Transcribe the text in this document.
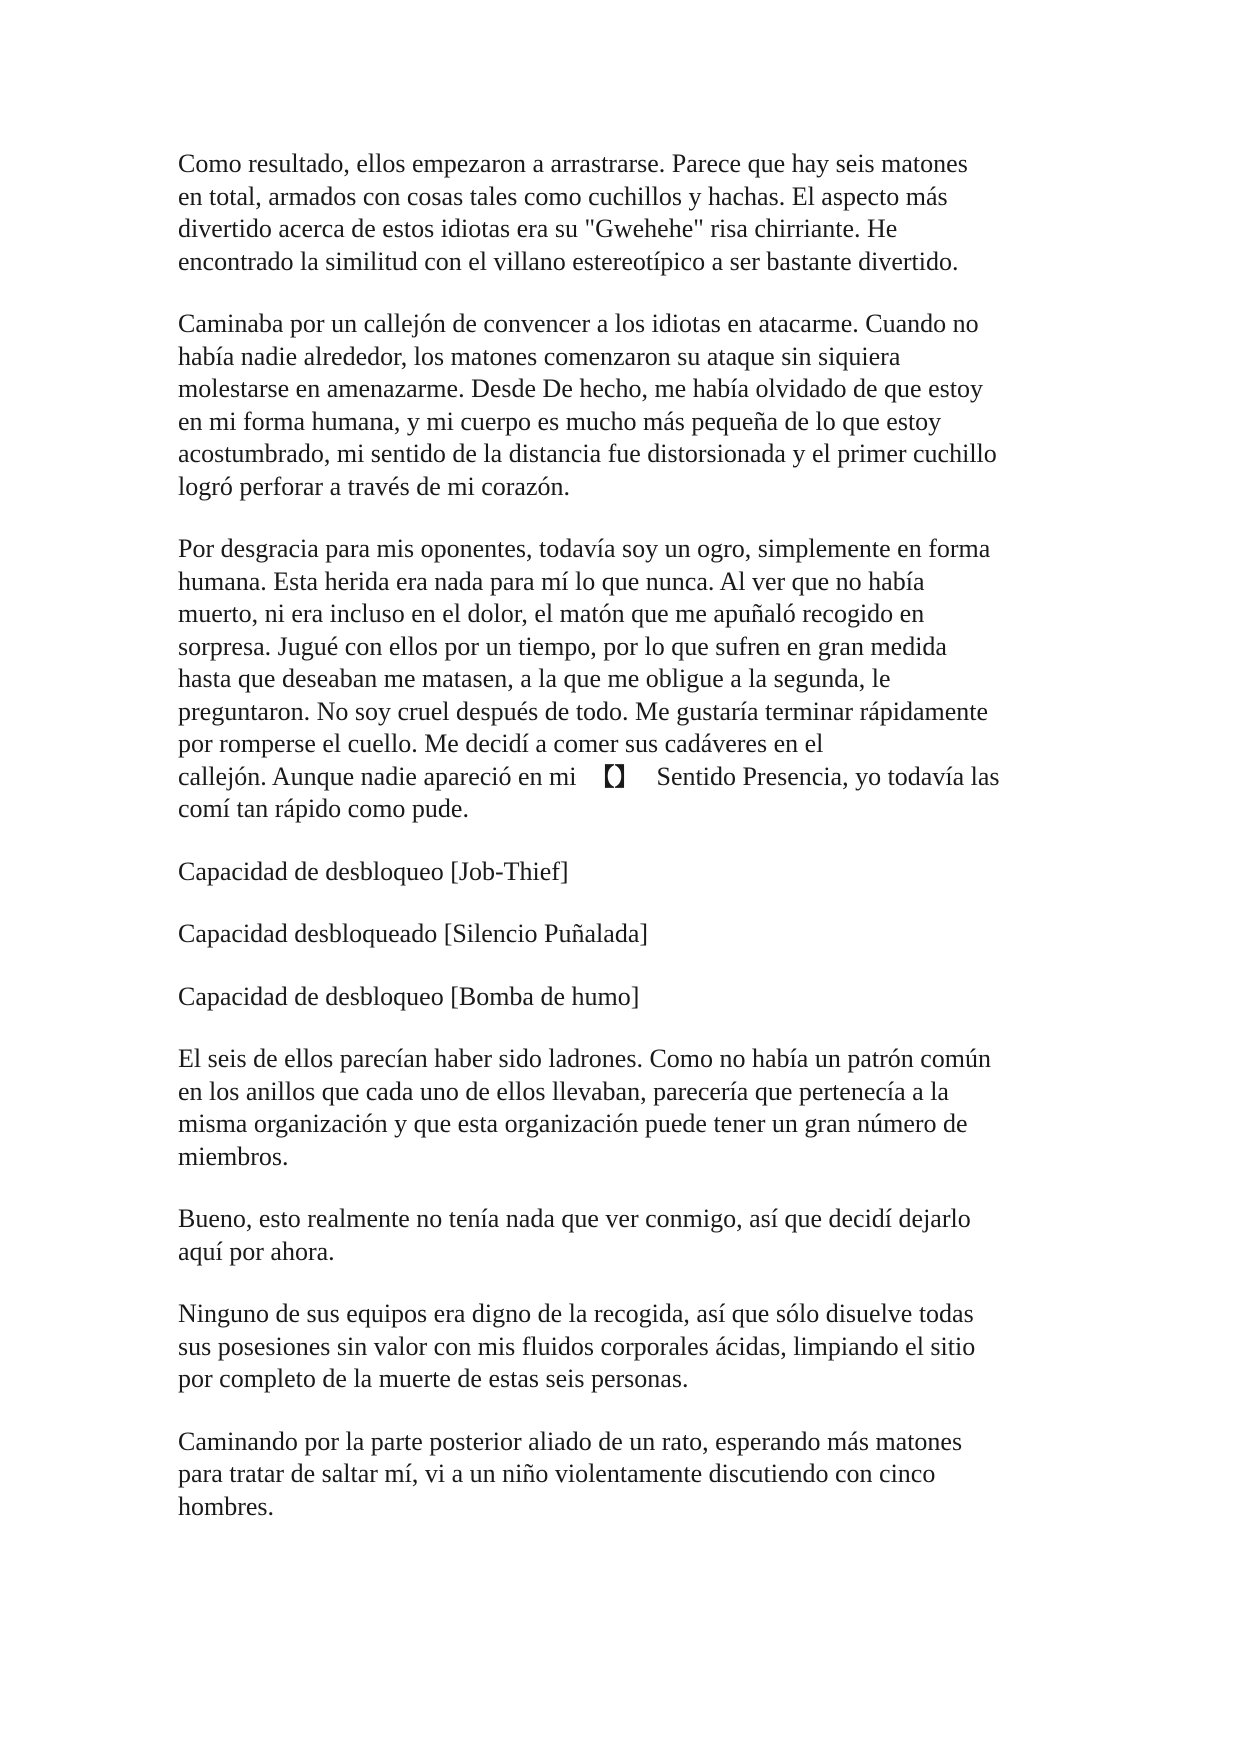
Como resultado, ellos empezaron a arrastrarse. Parece que hay seis matones
en total, armados con cosas tales como cuchillos y hachas. El aspecto más
divertido acerca de estos idiotas era su "Gwehehe" risa chirriante. He
encontrado la similitud con el villano estereotípico a ser bastante divertido.

Caminaba por un callejón de convencer a los idiotas en atacarme. Cuando no
había nadie alrededor, los matones comenzaron su ataque sin siquiera
molestarse en amenazarme. Desde De hecho, me había olvidado de que estoy
en mi forma humana, y mi cuerpo es mucho más pequeña de lo que estoy
acostumbrado, mi sentido de la distancia fue distorsionada y el primer cuchillo
logró perforar a través de mi corazón.

Por desgracia para mis oponentes, todavía soy un ogro, simplemente en forma
humana. Esta herida era nada para mí lo que nunca. Al ver que no había
muerto, ni era incluso en el dolor, el matón que me apuñaló recogido en
sorpresa. Jugué con ellos por un tiempo, por lo que sufren en gran medida
hasta que deseaban me matasen, a la que me obligue a la segunda, le
preguntaron. No soy cruel después de todo. Me gustaría terminar rápidamente
por romperse el cuello. Me decidí a comer sus cadáveres en el
callejón. Aunque nadie apareció en mi 【】 Sentido Presencia, yo todavía las
comí tan rápido como pude.

Capacidad de desbloqueo [Job-Thief]

Capacidad desbloqueado [Silencio Puñalada]

Capacidad de desbloqueo [Bomba de humo]

El seis de ellos parecían haber sido ladrones. Como no había un patrón común
en los anillos que cada uno de ellos llevaban, parecería que pertenecía a la
misma organización y que esta organización puede tener un gran número de
miembros.

Bueno, esto realmente no tenía nada que ver conmigo, así que decidí dejarlo
aquí por ahora.

Ninguno de sus equipos era digno de la recogida, así que sólo disuelve todas
sus posesiones sin valor con mis fluidos corporales ácidas, limpiando el sitio
por completo de la muerte de estas seis personas.

Caminando por la parte posterior aliado de un rato, esperando más matones
para tratar de saltar mí, vi a un niño violentamente discutiendo con cinco
hombres.
